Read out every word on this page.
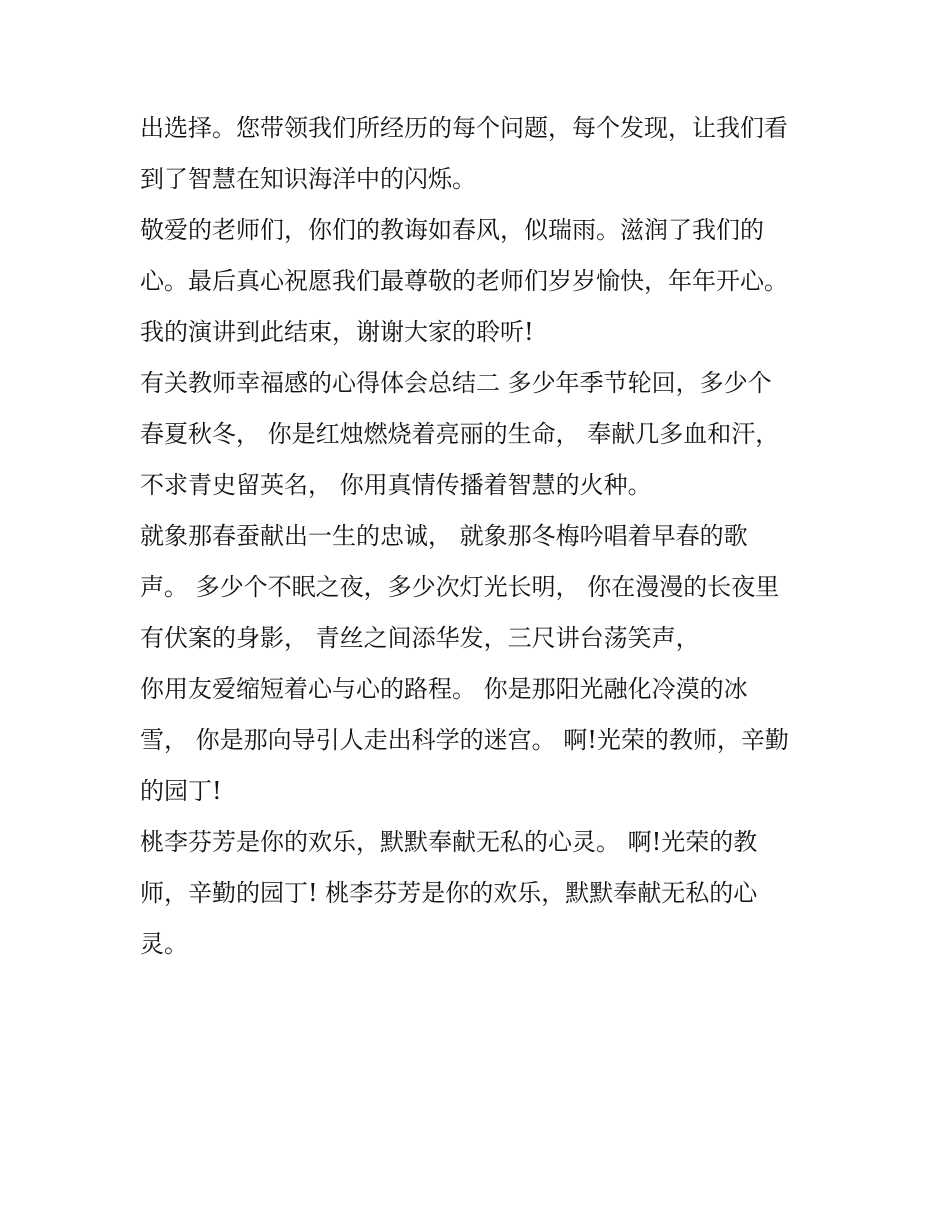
出选择。您带领我们所经历的每个问题，每个发现，让我们看
到了智慧在知识海洋中的闪烁。
敬爱的老师们，你们的教诲如春风，似瑞雨。滋润了我们的
心。最后真心祝愿我们最尊敬的老师们岁岁愉快，年年开心。
我的演讲到此结束，谢谢大家的聆听!
有关教师幸福感的心得体会总结二 多少年季节轮回，多少个
春夏秋冬， 你是红烛燃烧着亮丽的生命， 奉献几多血和汗，
不求青史留英名， 你用真情传播着智慧的火种。
就象那春蚕献出一生的忠诚， 就象那冬梅吟唱着早春的歌
声。 多少个不眠之夜，多少次灯光长明， 你在漫漫的长夜里
有伏案的身影， 青丝之间添华发，三尺讲台荡笑声，
你用友爱缩短着心与心的路程。 你是那阳光融化冷漠的冰
雪， 你是那向导引人走出科学的迷宫。 啊!光荣的教师，辛勤
的园丁!
桃李芬芳是你的欢乐，默默奉献无私的心灵。 啊!光荣的教
师，辛勤的园丁! 桃李芬芳是你的欢乐，默默奉献无私的心
灵。
